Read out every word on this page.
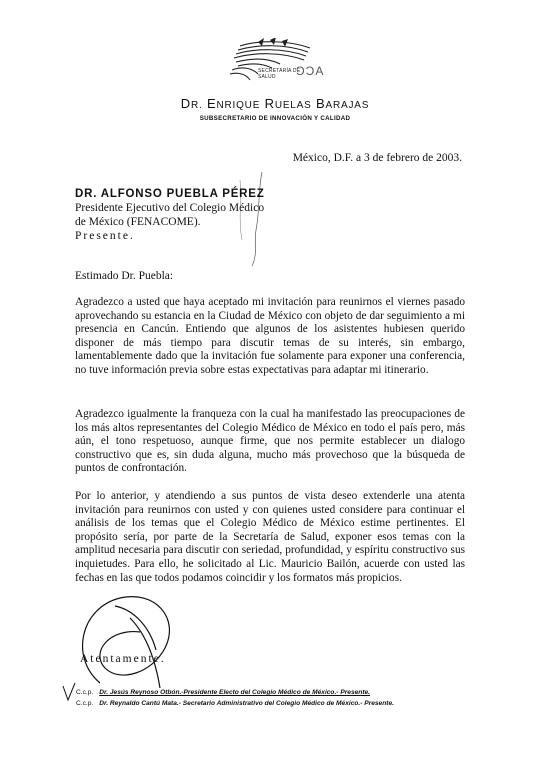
SECRETARÍA DE SALUD	ƆƆA
DR. ENRIQUE RUELAS BARAJAS
SUBSECRETARIO DE INNOVACIÓN Y CALIDAD
México, D.F. a 3 de febrero de 2003.
DR. ALFONSO PUEBLA PÉREZ
Presidente Ejecutivo del Colegio Médico
de México (FENACOME).
Presente.
Estimado Dr. Puebla:

Agradezco a usted que haya aceptado mi invitación para reunirnos el viernes pasado aprovechando su estancia en la Ciudad de México con objeto de dar seguimiento a mi presencia en Cancún. Entiendo que algunos de los asistentes hubiesen querido disponer de más tiempo para discutir temas de su interés, sin embargo, lamentablemente dado que la invitación fue solamente para exponer una conferencia, no tuve información previa sobre estas expectativas para adaptar mi itinerario.

Agradezco igualmente la franqueza con la cual ha manifestado las preocupaciones de los más altos representantes del Colegio Médico de México en todo el país pero, más aún, el tono respetuoso, aunque firme, que nos permite establecer un dialogo constructivo que es, sin duda alguna, mucho más provechoso que la búsqueda de puntos de confrontación.

Por lo anterior, y atendiendo a sus puntos de vista deseo extenderle una atenta invitación para reunirnos con usted y con quienes usted considere para continuar el análisis de los temas que el Colegio Médico de México estime pertinentes. El propósito sería, por parte de la Secretaría de Salud, exponer esos temas con la amplitud necesaria para discutir con seriedad, profundidad, y espíritu constructivo sus inquietudes. Para ello, he solicitado al Lic. Mauricio Bailón, acuerde con usted las fechas en las que todos podamos coincidir y los formatos más propicios.

Atentamente.
C.c.p. Dr. Jesús Reynoso Otbón.-Presidente Electo del Colegio Médico de México.- Presente.
C.c.p. Dr. Reynaldo Cantú Mata.- Secretario Administrativo del Colegio Médico de México.- Presente.
